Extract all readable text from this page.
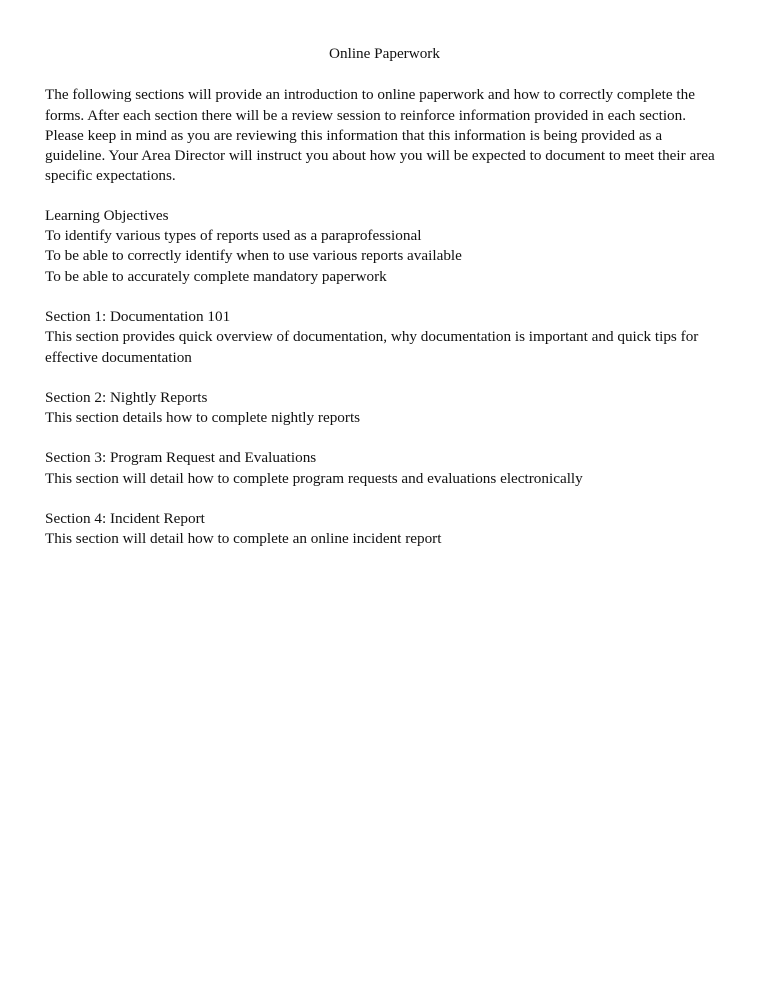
Online Paperwork

The following sections will provide an introduction to online paperwork and how to correctly complete the forms. After each section there will be a review session to reinforce information provided in each section. Please keep in mind as you are reviewing this information that this information is being provided as a guideline. Your Area Director will instruct you about how you will be expected to document to meet their area specific expectations.

Learning Objectives
To identify various types of reports used as a paraprofessional
To be able to correctly identify when to use various reports available
To be able to accurately complete mandatory paperwork
Section 1: Documentation 101
This section provides quick overview of documentation, why documentation is important and quick tips for effective documentation
Section 2: Nightly Reports
This section details how to complete nightly reports
Section 3: Program Request and Evaluations
This section will detail how to complete program requests and evaluations electronically
Section 4: Incident Report
This section will detail how to complete an online incident report
